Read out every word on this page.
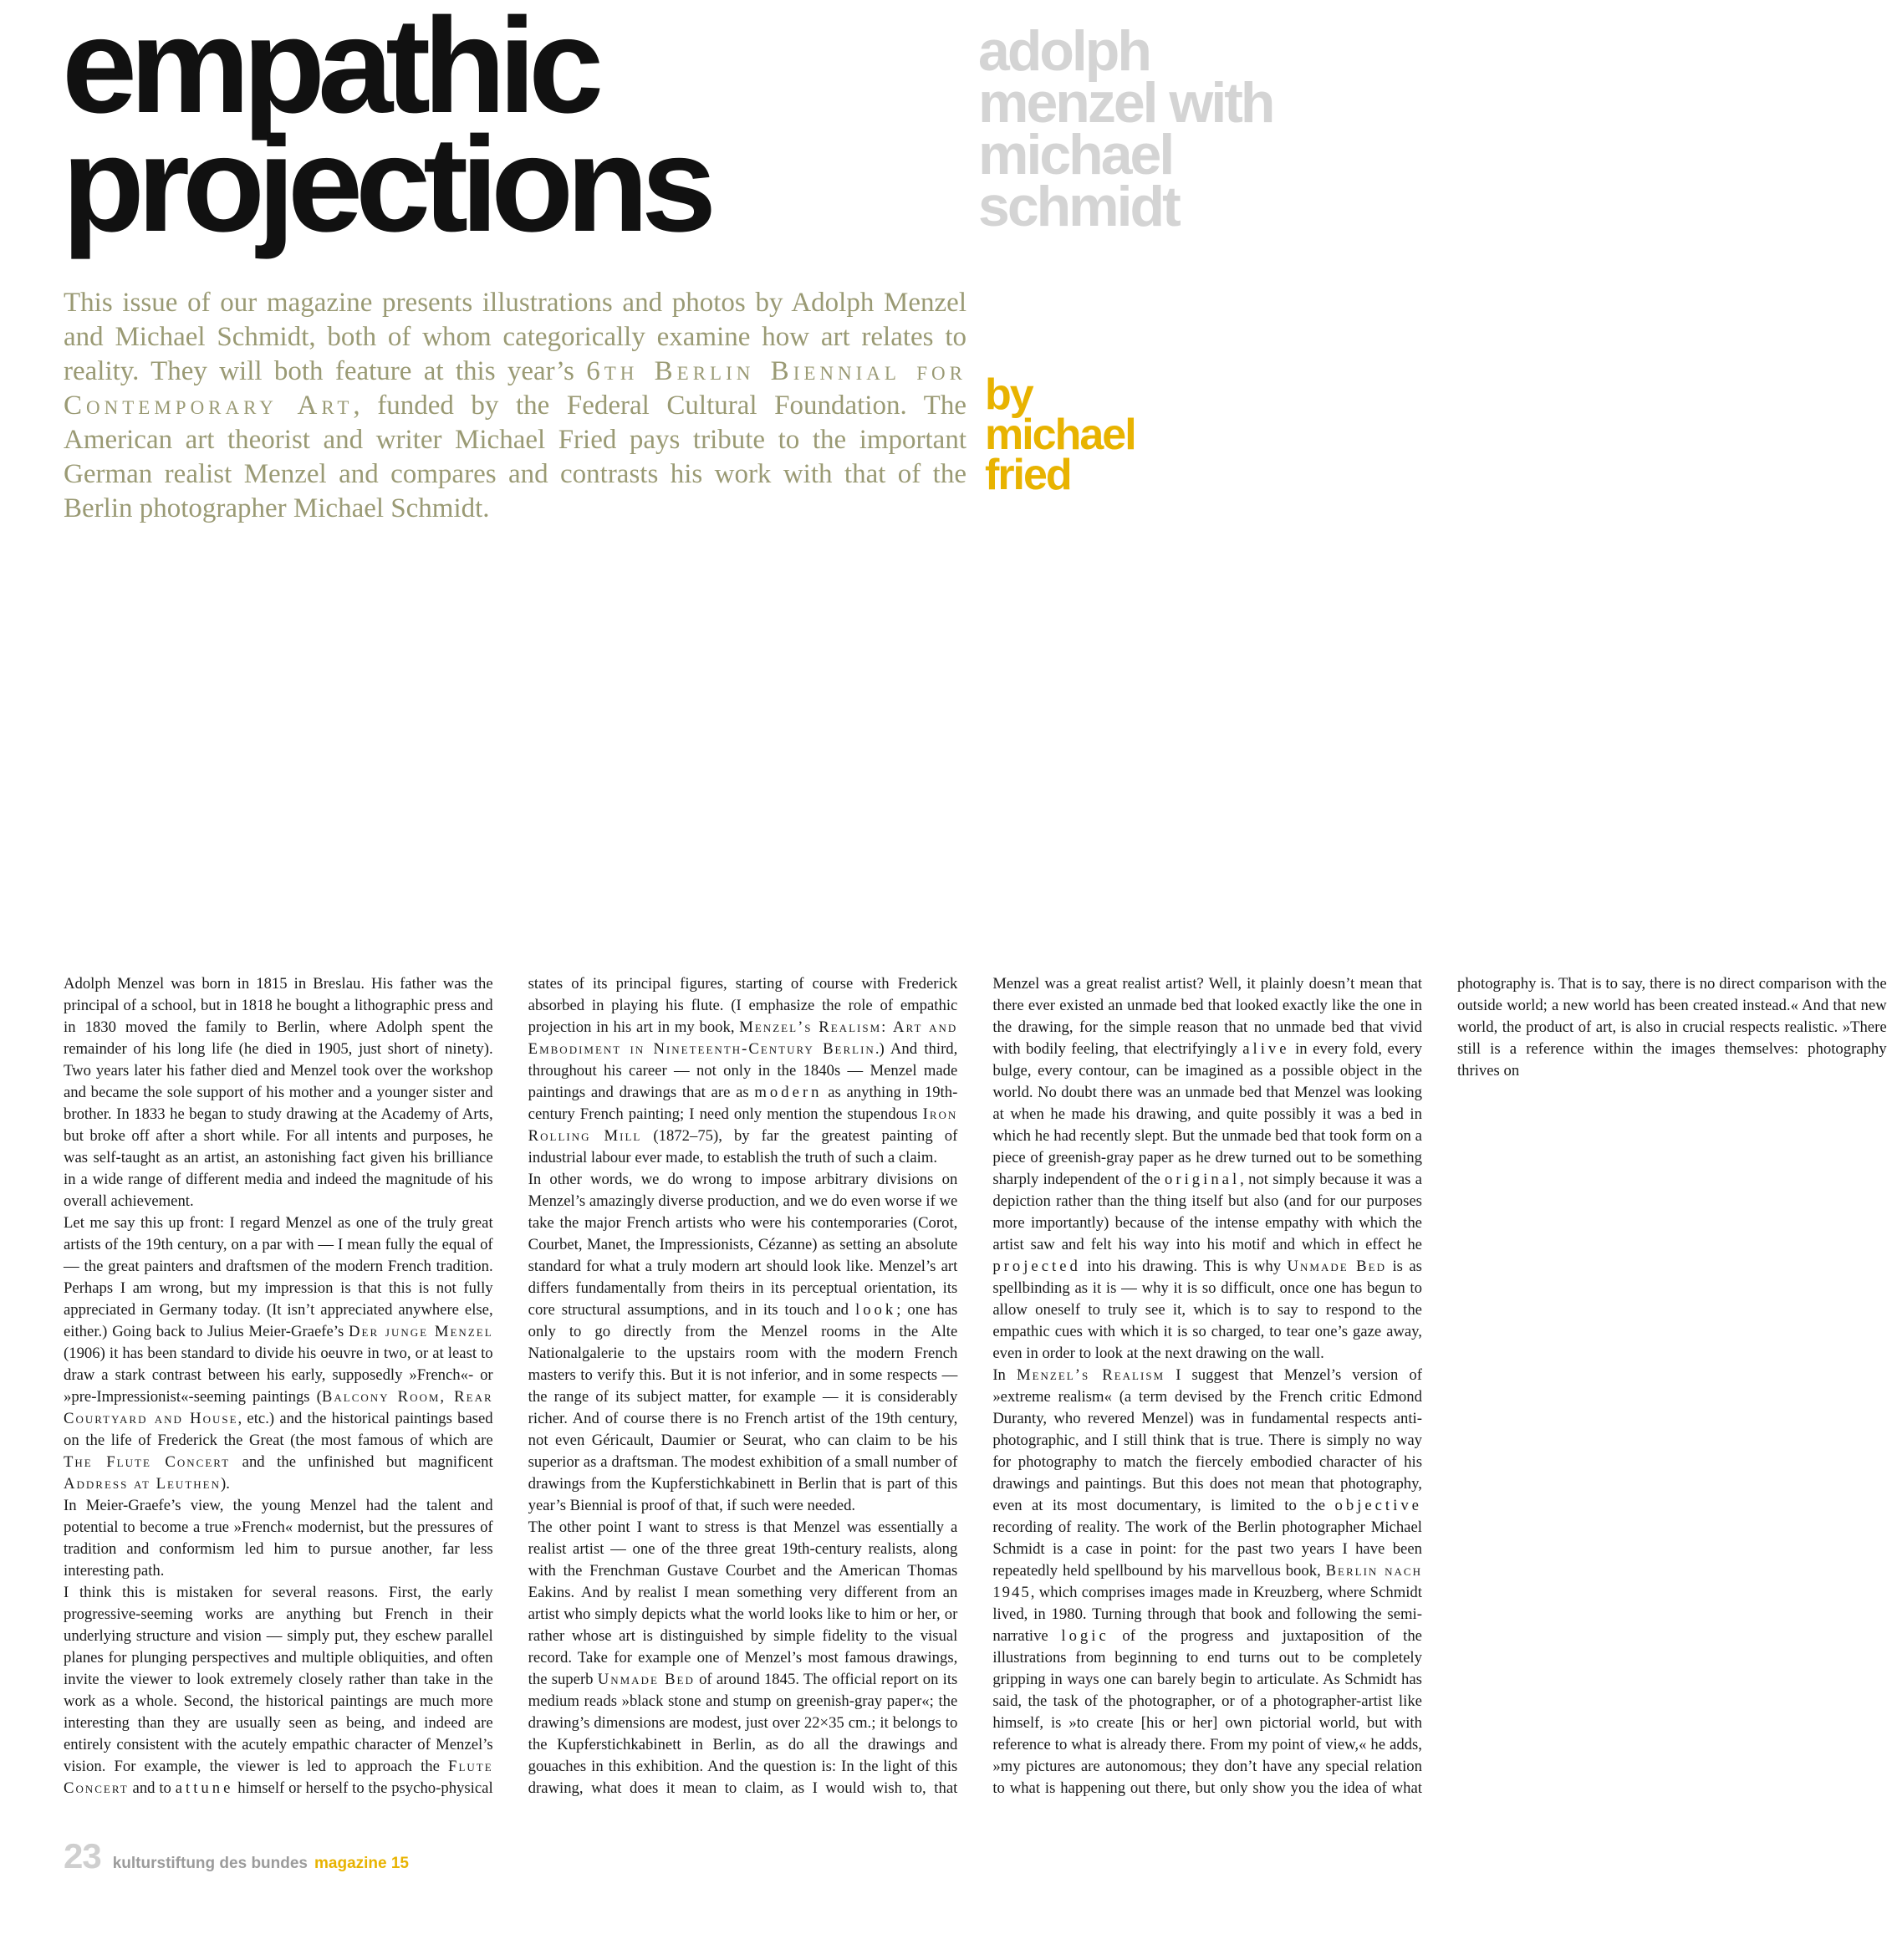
empathic
projections
adolph
menzel with
michael
schmidt

This issue of our magazine presents illustrations and photos by Adolph Menzel and Michael Schmidt, both of whom categorically examine how art relates to reality. They will both feature at this year’s 6th Berlin Biennial for Contemporary Art, funded by the Federal Cultural Foundation. The American art theorist and writer Michael Fried pays tribute to the important German realist Menzel and compares and contrasts his work with that of the Berlin photographer Michael Schmidt.

by
michael
fried

Adolph Menzel was born in 1815 in Breslau. His father was the principal of a school, but in 1818 he bought a lithographic press and in 1830 moved the family to Berlin, where Adolph spent the remainder of his long life (he died in 1905, just short of ninety). Two years later his father died and Menzel took over the workshop and became the sole support of his mother and a younger sister and brother. In 1833 he began to study drawing at the Academy of Arts, but broke off after a short while. For all intents and purposes, he was self-taught as an artist, an astonishing fact given his brilliance in a wide range of different media and indeed the magnitude of his overall achievement.

Let me say this up front: I regard Menzel as one of the truly great artists of the 19th century, on a par with — I mean fully the equal of — the great painters and draftsmen of the modern French tradition. Perhaps I am wrong, but my impression is that this is not fully appreciated in Germany today. (It isn’t appreciated anywhere else, either.) Going back to Julius Meier-Graefe’s Der junge Menzel (1906) it has been standard to divide his oeuvre in two, or at least to draw a stark contrast between his early, supposedly »French«- or »pre-Impressionist«-seeming paintings (Balcony Room, Rear Courtyard and House, etc.) and the historical paintings based on the life of Frederick the Great (the most famous of which are The Flute Concert and the unfinished but magnificent Address at Leuthen).

In Meier-Graefe’s view, the young Menzel had the talent and potential to become a true »French« modernist, but the pressures of tradition and conformism led him to pursue another, far less interesting path.

I think this is mistaken for several reasons. First, the early progressive-seeming works are anything but French in their underlying structure and vision — simply put, they eschew parallel planes for plunging perspectives and multiple obliquities, and often invite the viewer to look extremely closely rather than take in the work as a whole. Second, the historical paintings are much more interesting than they are usually seen as being, and indeed are entirely consistent with the acutely empathic character of Menzel’s vision. For example, the viewer is led to approach the Flute Concert and to attune himself or herself to the psycho-physical states of its principal figures, starting of course with Frederick absorbed in playing his flute. (I emphasize the role of empathic projection in his art in my book, Menzel’s Realism: Art and Embodiment in Nineteenth-Century Berlin.) And third, throughout his career — not only in the 1840s — Menzel made paintings and drawings that are as modern as anything in 19th-century French painting; I need only mention the stupendous Iron Rolling Mill (1872–75), by far the greatest painting of industrial labour ever made, to establish the truth of such a claim.

In other words, we do wrong to impose arbitrary divisions on Menzel’s amazingly diverse production, and we do even worse if we take the major French artists who were his contemporaries (Corot, Courbet, Manet, the Impressionists, Cézanne) as setting an absolute standard for what a truly modern art should look like. Menzel’s art differs fundamentally from theirs in its perceptual orientation, its core structural assumptions, and in its touch and look; one has only to go directly from the Menzel rooms in the Alte Nationalgalerie to the upstairs room with the modern French masters to verify this. But it is not inferior, and in some respects — the range of its subject matter, for example — it is considerably richer. And of course there is no French artist of the 19th century, not even Géricault, Daumier or Seurat, who can claim to be his superior as a draftsman. The modest exhibition of a small number of drawings from the Kupferstichkabinett in Berlin that is part of this year’s Biennial is proof of that, if such were needed.

The other point I want to stress is that Menzel was essentially a realist artist — one of the three great 19th-century realists, along with the Frenchman Gustave Courbet and the American Thomas Eakins. And by realist I mean something very different from an artist who simply depicts what the world looks like to him or her, or rather whose art is distinguished by simple fidelity to the visual record. Take for example one of Menzel’s most famous drawings, the superb Unmade Bed of around 1845. The official report on its medium reads »black stone and stump on greenish-gray paper«; the drawing’s dimensions are modest, just over 22×35 cm.; it belongs to the Kupferstichkabinett in Berlin, as do all the drawings and gouaches in this exhibition. And the question is: In the light of this drawing, what does it mean to claim, as I would wish to, that Menzel was a great realist artist? Well, it plainly doesn’t mean that there ever existed an unmade bed that looked exactly like the one in the drawing, for the simple reason that no unmade bed that vivid with bodily feeling, that electrifyingly alive in every fold, every bulge, every contour, can be imagined as a possible object in the world. No doubt there was an unmade bed that Menzel was looking at when he made his drawing, and quite possibly it was a bed in which he had recently slept. But the unmade bed that took form on a piece of greenish-gray paper as he drew turned out to be something sharply independent of the original, not simply because it was a depiction rather than the thing itself but also (and for our purposes more importantly) because of the intense empathy with which the artist saw and felt his way into his motif and which in effect he projected into his drawing. This is why Unmade Bed is as spellbinding as it is — why it is so difficult, once one has begun to allow oneself to truly see it, which is to say to respond to the empathic cues with which it is so charged, to tear one’s gaze away, even in order to look at the next drawing on the wall.

In Menzel’s Realism I suggest that Menzel’s version of »extreme realism« (a term devised by the French critic Edmond Duranty, who revered Menzel) was in fundamental respects anti-photographic, and I still think that is true. There is simply no way for photography to match the fiercely embodied character of his drawings and paintings. But this does not mean that photography, even at its most documentary, is limited to the objective recording of reality. The work of the Berlin photographer Michael Schmidt is a case in point: for the past two years I have been repeatedly held spellbound by his marvellous book, Berlin nach 1945, which comprises images made in Kreuzberg, where Schmidt lived, in 1980. Turning through that book and following the semi-narrative logic of the progress and juxtaposition of the illustrations from beginning to end turns out to be completely gripping in ways one can barely begin to articulate. As Schmidt has said, the task of the photographer, or of a photographer-artist like himself, is »to create [his or her] own pictorial world, but with reference to what is already there. From my point of view,« he adds, »my pictures are autonomous; they don’t have any special relation to what is happening out there, but only show you the idea of what photography is. That is to say, there is no direct comparison with the outside world; a new world has been created instead.« And that new world, the product of art, is also in crucial respects realistic. »There still is a reference within the images themselves: photography thrives on

23 kulturstiftung des bundes magazine 15
